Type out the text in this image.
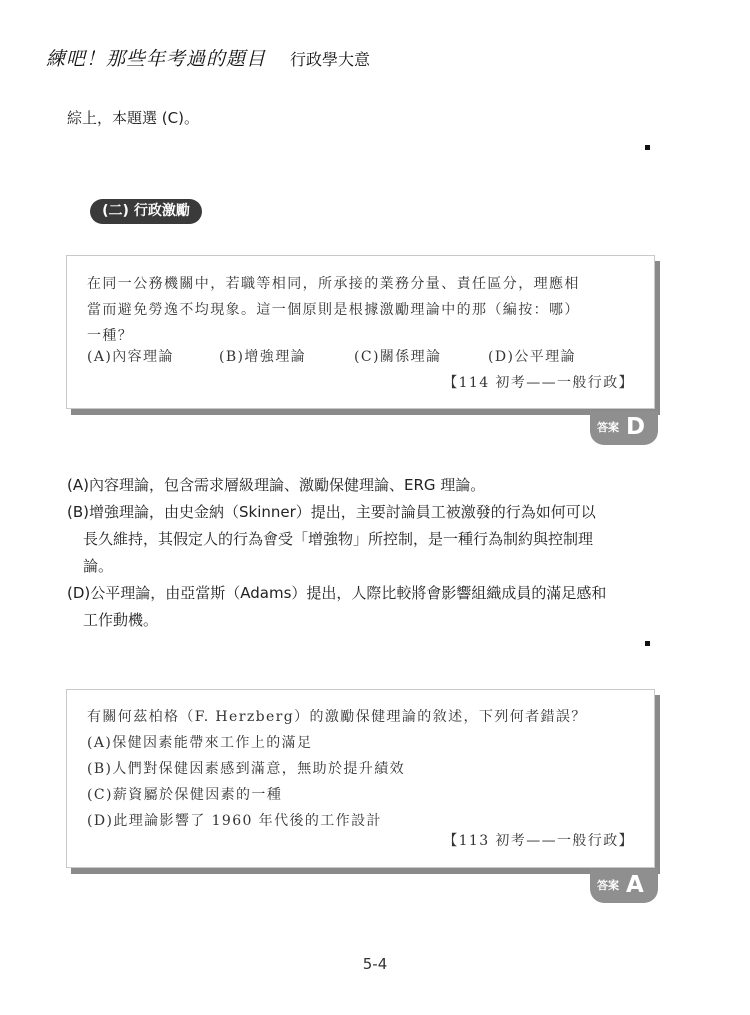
練吧！那些年考過的題目 行政學大意
綜上，本題選 (C)。
(二) 行政激勵
在同一公務機關中，若職等相同，所承接的業務分量、責任區分，理應相
當而避免勞逸不均現象。這一個原則是根據激勵理論中的那（編按：哪）
一種？
(A)內容理論	(B)增強理論	(C)關係理論	(D)公平理論
【114 初考——一般行政】
答案 D
(A)內容理論，包含需求層級理論、激勵保健理論、ERG 理論。
(B)增強理論，由史金納（Skinner）提出，主要討論員工被激發的行為如何可以
長久維持，其假定人的行為會受「增強物」所控制，是一種行為制約與控制理
論。
(D)公平理論，由亞當斯（Adams）提出，人際比較將會影響組織成員的滿足感和
工作動機。
有關何茲柏格（F. Herzberg）的激勵保健理論的敘述，下列何者錯誤？
(A)保健因素能帶來工作上的滿足
(B)人們對保健因素感到滿意，無助於提升績效
(C)薪資屬於保健因素的一種
(D)此理論影響了 1960 年代後的工作設計
【113 初考——一般行政】
答案 A
5-4
